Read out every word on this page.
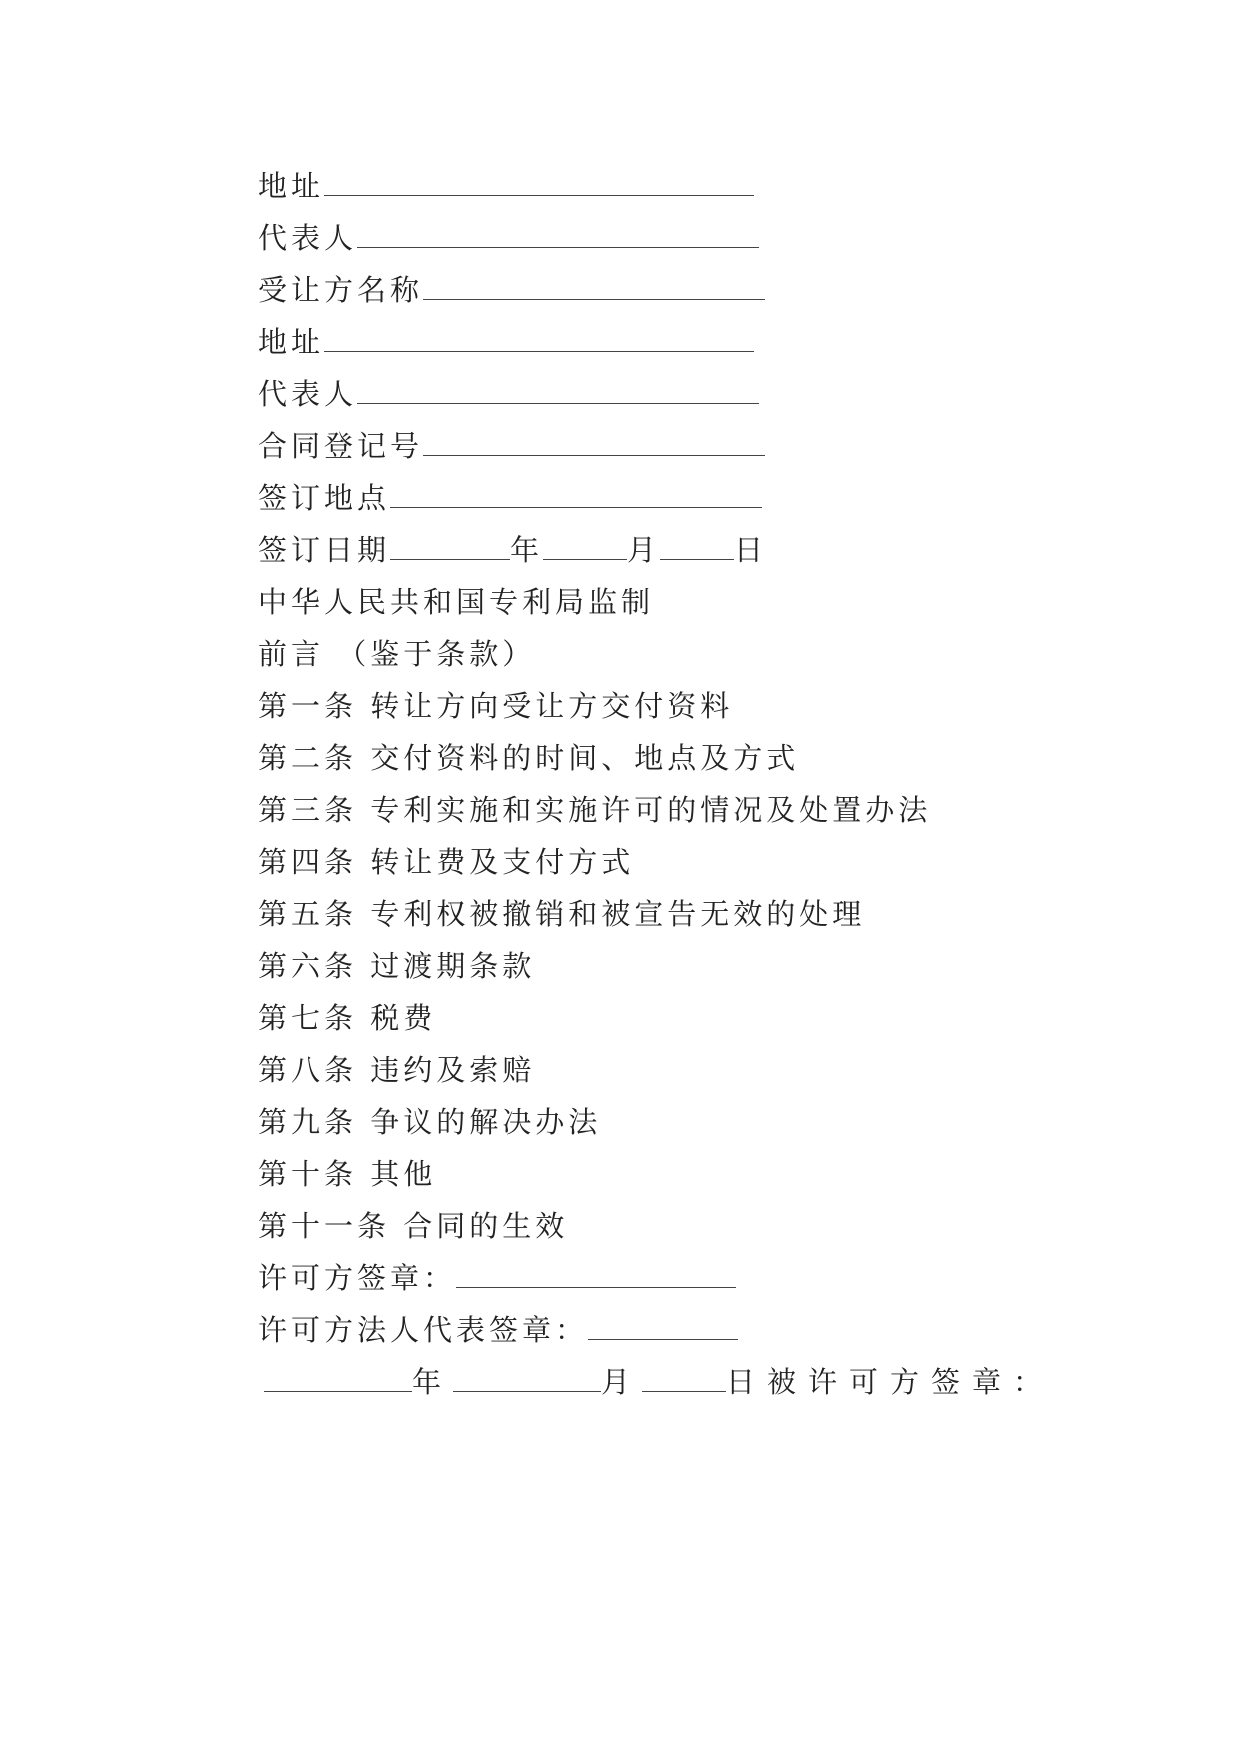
地址
代表人
受让方名称
地址
代表人
合同登记号
签订地点
签订日期	年	月	日
中华人民共和国专利局监制
前言 （鉴于条款）
第一条 转让方向受让方交付资料
第二条 交付资料的时间、地点及方式
第三条 专利实施和实施许可的情况及处置办法
第四条 转让费及支付方式
第五条 专利权被撤销和被宣告无效的处理
第六条 过渡期条款
第七条 税费
第八条 违约及索赔
第九条 争议的解决办法
第十条 其他
第十一条 合同的生效
许可方签章：
许可方法人代表签章：
年	月	日被许可方签章：
